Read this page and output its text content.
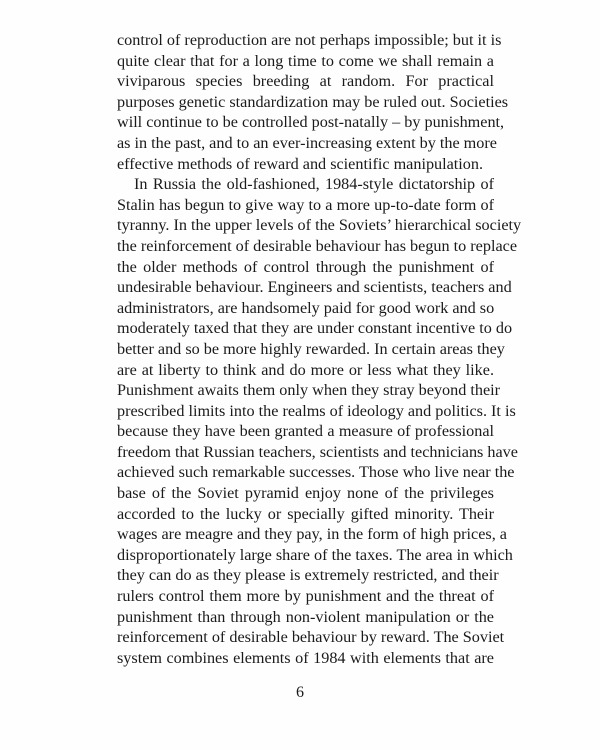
control of reproduction are not perhaps impossible; but it is
quite clear that for a long time to come we shall remain a
viviparous species breeding at random. For practical
purposes genetic standardization may be ruled out. Societies
will continue to be controlled post-natally – by punishment,
as in the past, and to an ever-increasing extent by the more
effective methods of reward and scientific manipulation.
In Russia the old-fashioned, 1984-style dictatorship of
Stalin has begun to give way to a more up-to-date form of
tyranny. In the upper levels of the Soviets’ hierarchical society
the reinforcement of desirable behaviour has begun to replace
the older methods of control through the punishment of
undesirable behaviour. Engineers and scientists, teachers and
administrators, are handsomely paid for good work and so
moderately taxed that they are under constant incentive to do
better and so be more highly rewarded. In certain areas they
are at liberty to think and do more or less what they like.
Punishment awaits them only when they stray beyond their
prescribed limits into the realms of ideology and politics. It is
because they have been granted a measure of professional
freedom that Russian teachers, scientists and technicians have
achieved such remarkable successes. Those who live near the
base of the Soviet pyramid enjoy none of the privileges
accorded to the lucky or specially gifted minority. Their
wages are meagre and they pay, in the form of high prices, a
disproportionately large share of the taxes. The area in which
they can do as they please is extremely restricted, and their
rulers control them more by punishment and the threat of
punishment than through non-violent manipulation or the
reinforcement of desirable behaviour by reward. The Soviet
system combines elements of 1984 with elements that are
6
